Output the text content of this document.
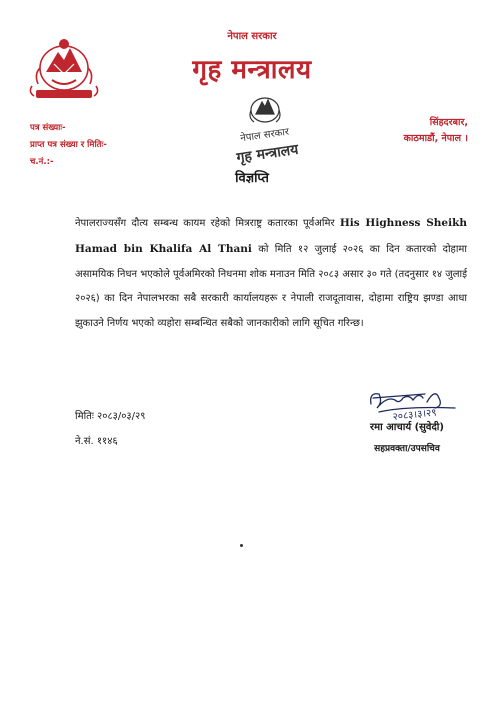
नेपाल सरकार
गृह मन्त्रालय
पत्र संख्याः-
प्राप्त पत्र संख्या र मितिः-
च.नं.:-
सिंहदरबार,
काठमाडौं, नेपाल ।
नेपाल सरकार
गृह मन्त्रालय
विज्ञप्ति
नेपालराज्यसँग दौत्य सम्बन्ध कायम रहेको मित्रराष्ट्र कतारका पूर्वअमिर His Highness Sheikh Hamad bin Khalifa Al Thani को मिति १२ जुलाई २०२६ का दिन कतारको दोहामा असामयिक निधन भएकोले पूर्वअमिरको निधनमा शोक मनाउन मिति २०८३ असार ३० गते (तदनुसार १४ जुलाई २०२६) का दिन नेपालभरका सबै सरकारी कार्यालयहरू र नेपाली राजदूतावास, दोहामा राष्ट्रिय झण्डा आधा झुकाउने निर्णय भएको व्यहोरा सम्बन्धित सबैको जानकारीको लागि सूचित गरिन्छ।
मितिः २०८३/०३/२९
ने.सं. ११४६
२०८३।३।२९
रमा आचार्य (सुवेदी)
सहप्रवक्ता/उपसचिव
